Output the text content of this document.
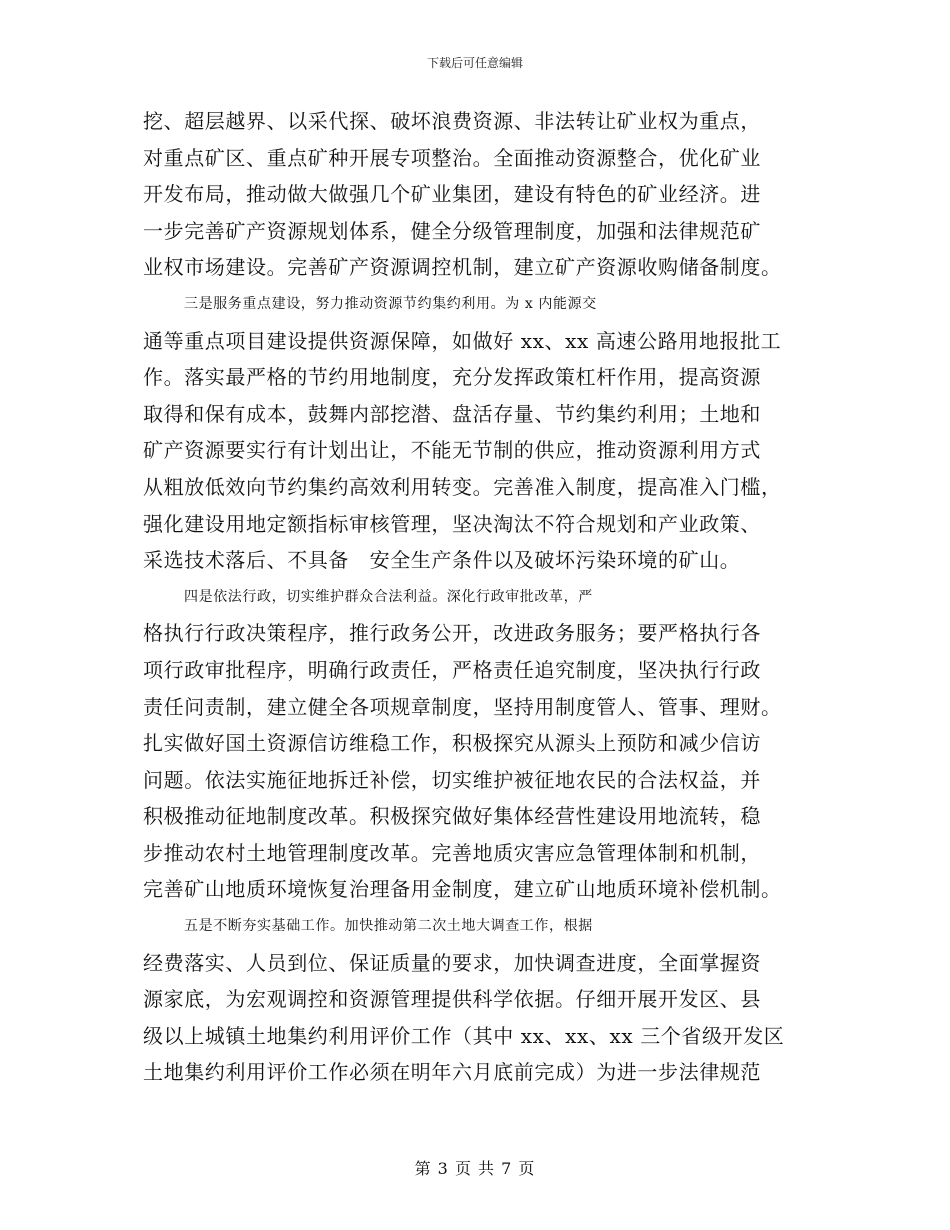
下载后可任意编辑
挖、超层越界、以采代探、破坏浪费资源、非法转让矿业权为重点，
对重点矿区、重点矿种开展专项整治。全面推动资源整合，优化矿业
开发布局，推动做大做强几个矿业集团，建设有特色的矿业经济。进
一步完善矿产资源规划体系，健全分级管理制度，加强和法律规范矿
业权市场建设。完善矿产资源调控机制，建立矿产资源收购储备制度。
三是服务重点建设，努力推动资源节约集约利用。为 x 内能源交
通等重点项目建设提供资源保障，如做好 xx、xx 高速公路用地报批工
作。落实最严格的节约用地制度，充分发挥政策杠杆作用，提高资源
取得和保有成本，鼓舞内部挖潜、盘活存量、节约集约利用；土地和
矿产资源要实行有计划出让，不能无节制的供应，推动资源利用方式
从粗放低效向节约集约高效利用转变。完善准入制度，提高准入门槛，
强化建设用地定额指标审核管理，坚决淘汰不符合规划和产业政策、
采选技术落后、不具备　安全生产条件以及破坏污染环境的矿山。
四是依法行政，切实维护群众合法利益。深化行政审批改革，严
格执行行政决策程序，推行政务公开，改进政务服务；要严格执行各
项行政审批程序，明确行政责任，严格责任追究制度，坚决执行行政
责任问责制，建立健全各项规章制度，坚持用制度管人、管事、理财。
扎实做好国土资源信访维稳工作，积极探究从源头上预防和减少信访
问题。依法实施征地拆迁补偿，切实维护被征地农民的合法权益，并
积极推动征地制度改革。积极探究做好集体经营性建设用地流转，稳
步推动农村土地管理制度改革。完善地质灾害应急管理体制和机制，
完善矿山地质环境恢复治理备用金制度，建立矿山地质环境补偿机制。
五是不断夯实基础工作。加快推动第二次土地大调查工作，根据
经费落实、人员到位、保证质量的要求，加快调查进度，全面掌握资
源家底，为宏观调控和资源管理提供科学依据。仔细开展开发区、县
级以上城镇土地集约利用评价工作（其中 xx、xx、xx 三个省级开发区
土地集约利用评价工作必须在明年六月底前完成）为进一步法律规范
第 3 页 共 7 页
